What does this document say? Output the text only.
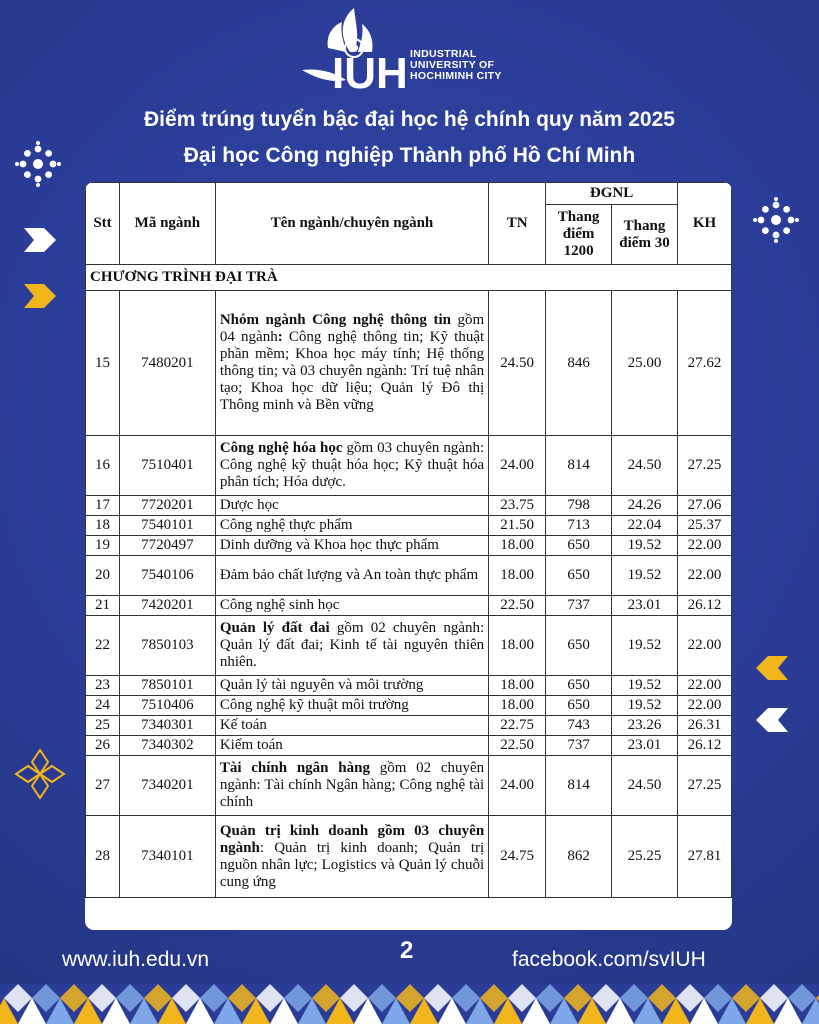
IUH INDUSTRIAL
UNIVERSITY OF
HOCHIMINH CITY
Điểm trúng tuyển bậc đại học hệ chính quy năm 2025
Đại học Công nghiệp Thành phố Hồ Chí Minh
Stt	Mã ngành	Tên ngành/chuyên ngành	TN	ĐGNL		KH
				Thang điểm 1200	Thang điểm 30	
CHƯƠNG TRÌNH ĐẠI TRÀ						
15	7480201	Nhóm ngành Công nghệ thông tin gồm 04 ngành: Công nghệ thông tin; Kỹ thuật phần mềm; Khoa học máy tính; Hệ thống thông tin; và 03 chuyên ngành: Trí tuệ nhân tạo; Khoa học dữ liệu; Quản lý Đô thị Thông minh và Bền vững	24.50	846	25.00	27.62
16	7510401	Công nghệ hóa học gồm 03 chuyên ngành: Công nghệ kỹ thuật hóa học; Kỹ thuật hóa phân tích; Hóa dược.	24.00	814	24.50	27.25
17	7720201	Dược học	23.75	798	24.26	27.06
18	7540101	Công nghệ thực phẩm	21.50	713	22.04	25.37
19	7720497	Dinh dưỡng và Khoa học thực phẩm	18.00	650	19.52	22.00
20	7540106	Đảm bảo chất lượng và An toàn thực phẩm	18.00	650	19.52	22.00
21	7420201	Công nghệ sinh học	22.50	737	23.01	26.12
22	7850103	Quản lý đất đai gồm 02 chuyên ngành: Quản lý đất đai; Kinh tế tài nguyên thiên nhiên.	18.00	650	19.52	22.00
23	7850101	Quản lý tài nguyên và môi trường	18.00	650	19.52	22.00
24	7510406	Công nghệ kỹ thuật môi trường	18.00	650	19.52	22.00
25	7340301	Kế toán	22.75	743	23.26	26.31
26	7340302	Kiểm toán	22.50	737	23.01	26.12
27	7340201	Tài chính ngân hàng gồm 02 chuyên ngành: Tài chính Ngân hàng; Công nghệ tài chính	24.00	814	24.50	27.25
28	7340101	Quản trị kinh doanh gồm 03 chuyên ngành: Quản trị kinh doanh; Quản trị nguồn nhân lực; Logistics và Quản lý chuỗi cung ứng	24.75	862	25.25	27.81
www.iuh.edu.vn	2	facebook.com/svIUH
